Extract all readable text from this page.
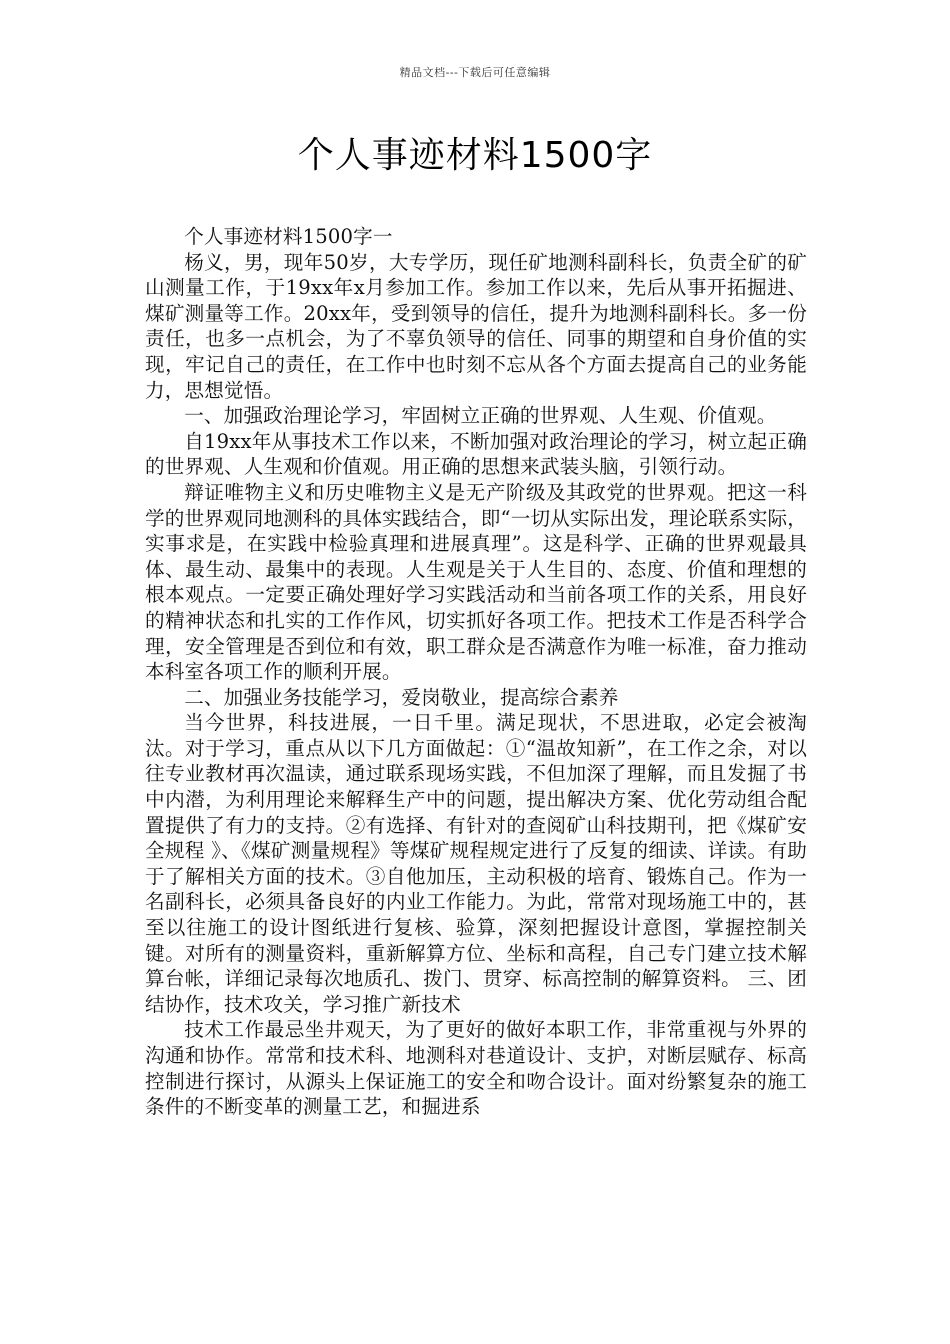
精品文档---下载后可任意编辑
个人事迹材料1500字

个人事迹材料1500字一

杨义，男，现年50岁，大专学历，现任矿地测科副科长，负责全矿的矿山测量工作，于19xx年x月参加工作。参加工作以来，先后从事开拓掘进、煤矿测量等工作。20xx年，受到领导的信任，提升为地测科副科长。多一份责任，也多一点机会，为了不辜负领导的信任、同事的期望和自身价值的实现，牢记自己的责任，在工作中也时刻不忘从各个方面去提高自己的业务能力，思想觉悟。

一、加强政治理论学习，牢固树立正确的世界观、人生观、价值观。

自19xx年从事技术工作以来，不断加强对政治理论的学习，树立起正确的世界观、人生观和价值观。用正确的思想来武装头脑，引领行动。

辩证唯物主义和历史唯物主义是无产阶级及其政党的世界观。把这一科学的世界观同地测科的具体实践结合，即“一切从实际出发，理论联系实际，实事求是，在实践中检验真理和进展真理”。这是科学、正确的世界观最具体、最生动、最集中的表现。人生观是关于人生目的、态度、价值和理想的根本观点。一定要正确处理好学习实践活动和当前各项工作的关系，用良好的精神状态和扎实的工作作风，切实抓好各项工作。把技术工作是否科学合理，安全管理是否到位和有效，职工群众是否满意作为唯一标准，奋力推动本科室各项工作的顺利开展。

二、加强业务技能学习，爱岗敬业，提高综合素养

当今世界，科技进展，一日千里。满足现状，不思进取，必定会被淘汰。对于学习，重点从以下几方面做起：①“温故知新”，在工作之余，对以往专业教材再次温读，通过联系现场实践，不但加深了理解，而且发掘了书中内潜，为利用理论来解释生产中的问题，提出解决方案、优化劳动组合配置提供了有力的支持。②有选择、有针对的查阅矿山科技期刊，把《煤矿安全规程 》、《煤矿测量规程》等煤矿规程规定进行了反复的细读、详读。有助于了解相关方面的技术。③自他加压，主动积极的培育、锻炼自己。作为一名副科长，必须具备良好的内业工作能力。为此，常常对现场施工中的，甚至以往施工的设计图纸进行复核、验算，深刻把握设计意图，掌握控制关键。对所有的测量资料，重新解算方位、坐标和高程，自己专门建立技术解算台帐，详细记录每次地质孔、拨门、贯穿、标高控制的解算资料。 三、团结协作，技术攻关，学习推广新技术

技术工作最忌坐井观天，为了更好的做好本职工作，非常重视与外界的沟通和协作。常常和技术科、地测科对巷道设计、支护，对断层赋存、标高控制进行探讨，从源头上保证施工的安全和吻合设计。面对纷繁复杂的施工条件的不断变革的测量工艺，和掘进系
